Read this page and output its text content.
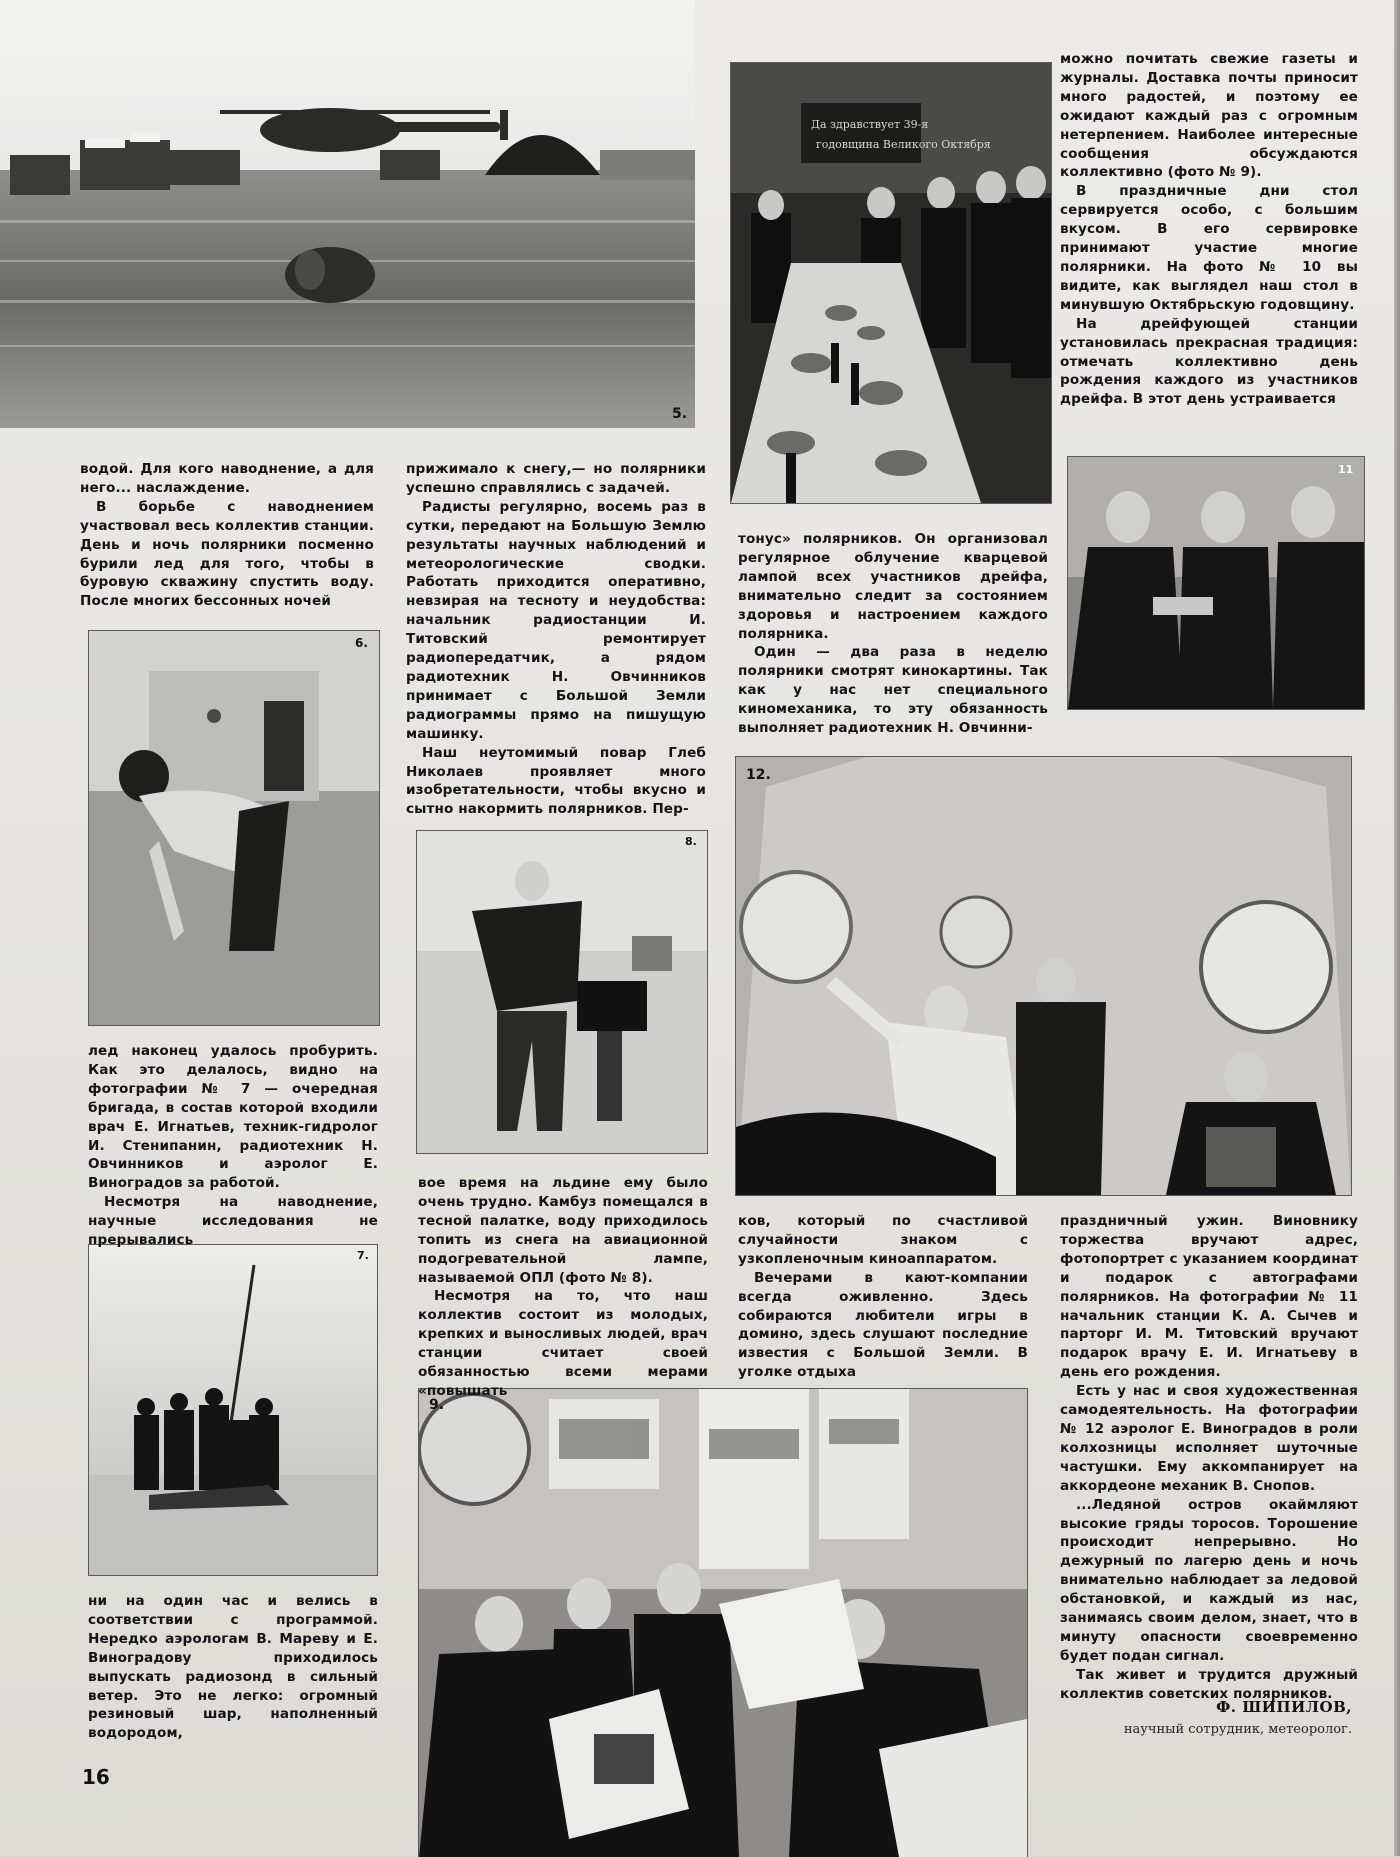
5.
Да здравствует 39-я
годовщина Великого Октября
11
6.
8.
12.
7.
9.

водой. Для кого наводнение, а для него... наслаждение.

В борьбе с наводнением участвовал весь коллектив станции. День и ночь полярники посменно бурили лед для того, чтобы в буровую скважину спустить воду. После многих бессонных ночей

лед наконец удалось пробурить. Как это делалось, видно на фотографии № 7 — очередная бригада, в состав которой входили врач Е. Игнатьев, техник-гидролог И. Стенипанин, радиотехник Н. Овчинников и аэролог Е. Виноградов за работой.

Несмотря на наводнение, научные исследования не прерывались

ни на один час и велись в соответствии с программой. Нередко аэрологам В. Мареву и Е. Виноградову приходилось выпускать радиозонд в сильный ветер. Это не легко: огромный резиновый шар, наполненный водородом,

прижимало к снегу,— но полярники успешно справлялись с задачей.

Радисты регулярно, восемь раз в сутки, передают на Большую Землю результаты научных наблюдений и метеорологические сводки. Работать приходится оперативно, невзирая на тесноту и неудобства: начальник радиостанции И. Титовский ремонтирует радиопередатчик, а рядом радиотехник Н. Овчинников принимает с Большой Земли радиограммы прямо на пишущую машинку.

Наш неутомимый повар Глеб Николаев проявляет много изобретательности, чтобы вкусно и сытно накормить полярников. Пер-

вое время на льдине ему было очень трудно. Камбуз помещался в тесной палатке, воду приходилось топить из снега на авиационной подогревательной лампе, называемой ОПЛ (фото № 8).

Несмотря на то, что наш коллектив состоит из молодых, крепких и выносливых людей, врач станции считает своей обязанностью всеми мерами «повышать

тонус» полярников. Он организовал регулярное облучение кварцевой лампой всех участников дрейфа, внимательно следит за состоянием здоровья и настроением каждого полярника.

Один — два раза в неделю полярники смотрят кинокартины. Так как у нас нет специального киномеханика, то эту обязанность выполняет радиотехник Н. Овчинни-

ков, который по счастливой случайности знаком с узкопленочным киноаппаратом.

Вечерами в кают-компании всегда оживленно. Здесь собираются любители игры в домино, здесь слушают последние известия с Большой Земли. В уголке отдыха

можно почитать свежие газеты и журналы. Доставка почты приносит много радостей, и поэтому ее ожидают каждый раз с огромным нетерпением. Наиболее интересные сообщения обсуждаются коллективно (фото № 9).

В праздничные дни стол сервируется особо, с большим вкусом. В его сервировке принимают участие многие полярники. На фото № 10 вы видите, как выглядел наш стол в минувшую Октябрьскую годовщину.

На дрейфующей станции установилась прекрасная традиция: отмечать коллективно день рождения каждого из участников дрейфа. В этот день устраивается

праздничный ужин. Виновнику торжества вручают адрес, фотопортрет с указанием координат и подарок с автографами полярников. На фотографии № 11 начальник станции К. А. Сычев и парторг И. М. Титовский вручают подарок врачу Е. И. Игнатьеву в день его рождения.

Есть у нас и своя художественная самодеятельность. На фотографии № 12 аэролог Е. Виноградов в роли колхозницы исполняет шуточные частушки. Ему аккомпанирует на аккордеоне механик В. Снопов.

...Ледяной остров окаймляют высокие гряды торосов. Торошение происходит непрерывно. Но дежурный по лагерю день и ночь внимательно наблюдает за ледовой обстановкой, и каждый из нас, занимаясь своим делом, знает, что в минуту опасности своевременно будет подан сигнал.

Так живет и трудится дружный коллектив советских полярников.

Ф. ШИПИЛОВ,
научный сотрудник, метеоролог.
16
